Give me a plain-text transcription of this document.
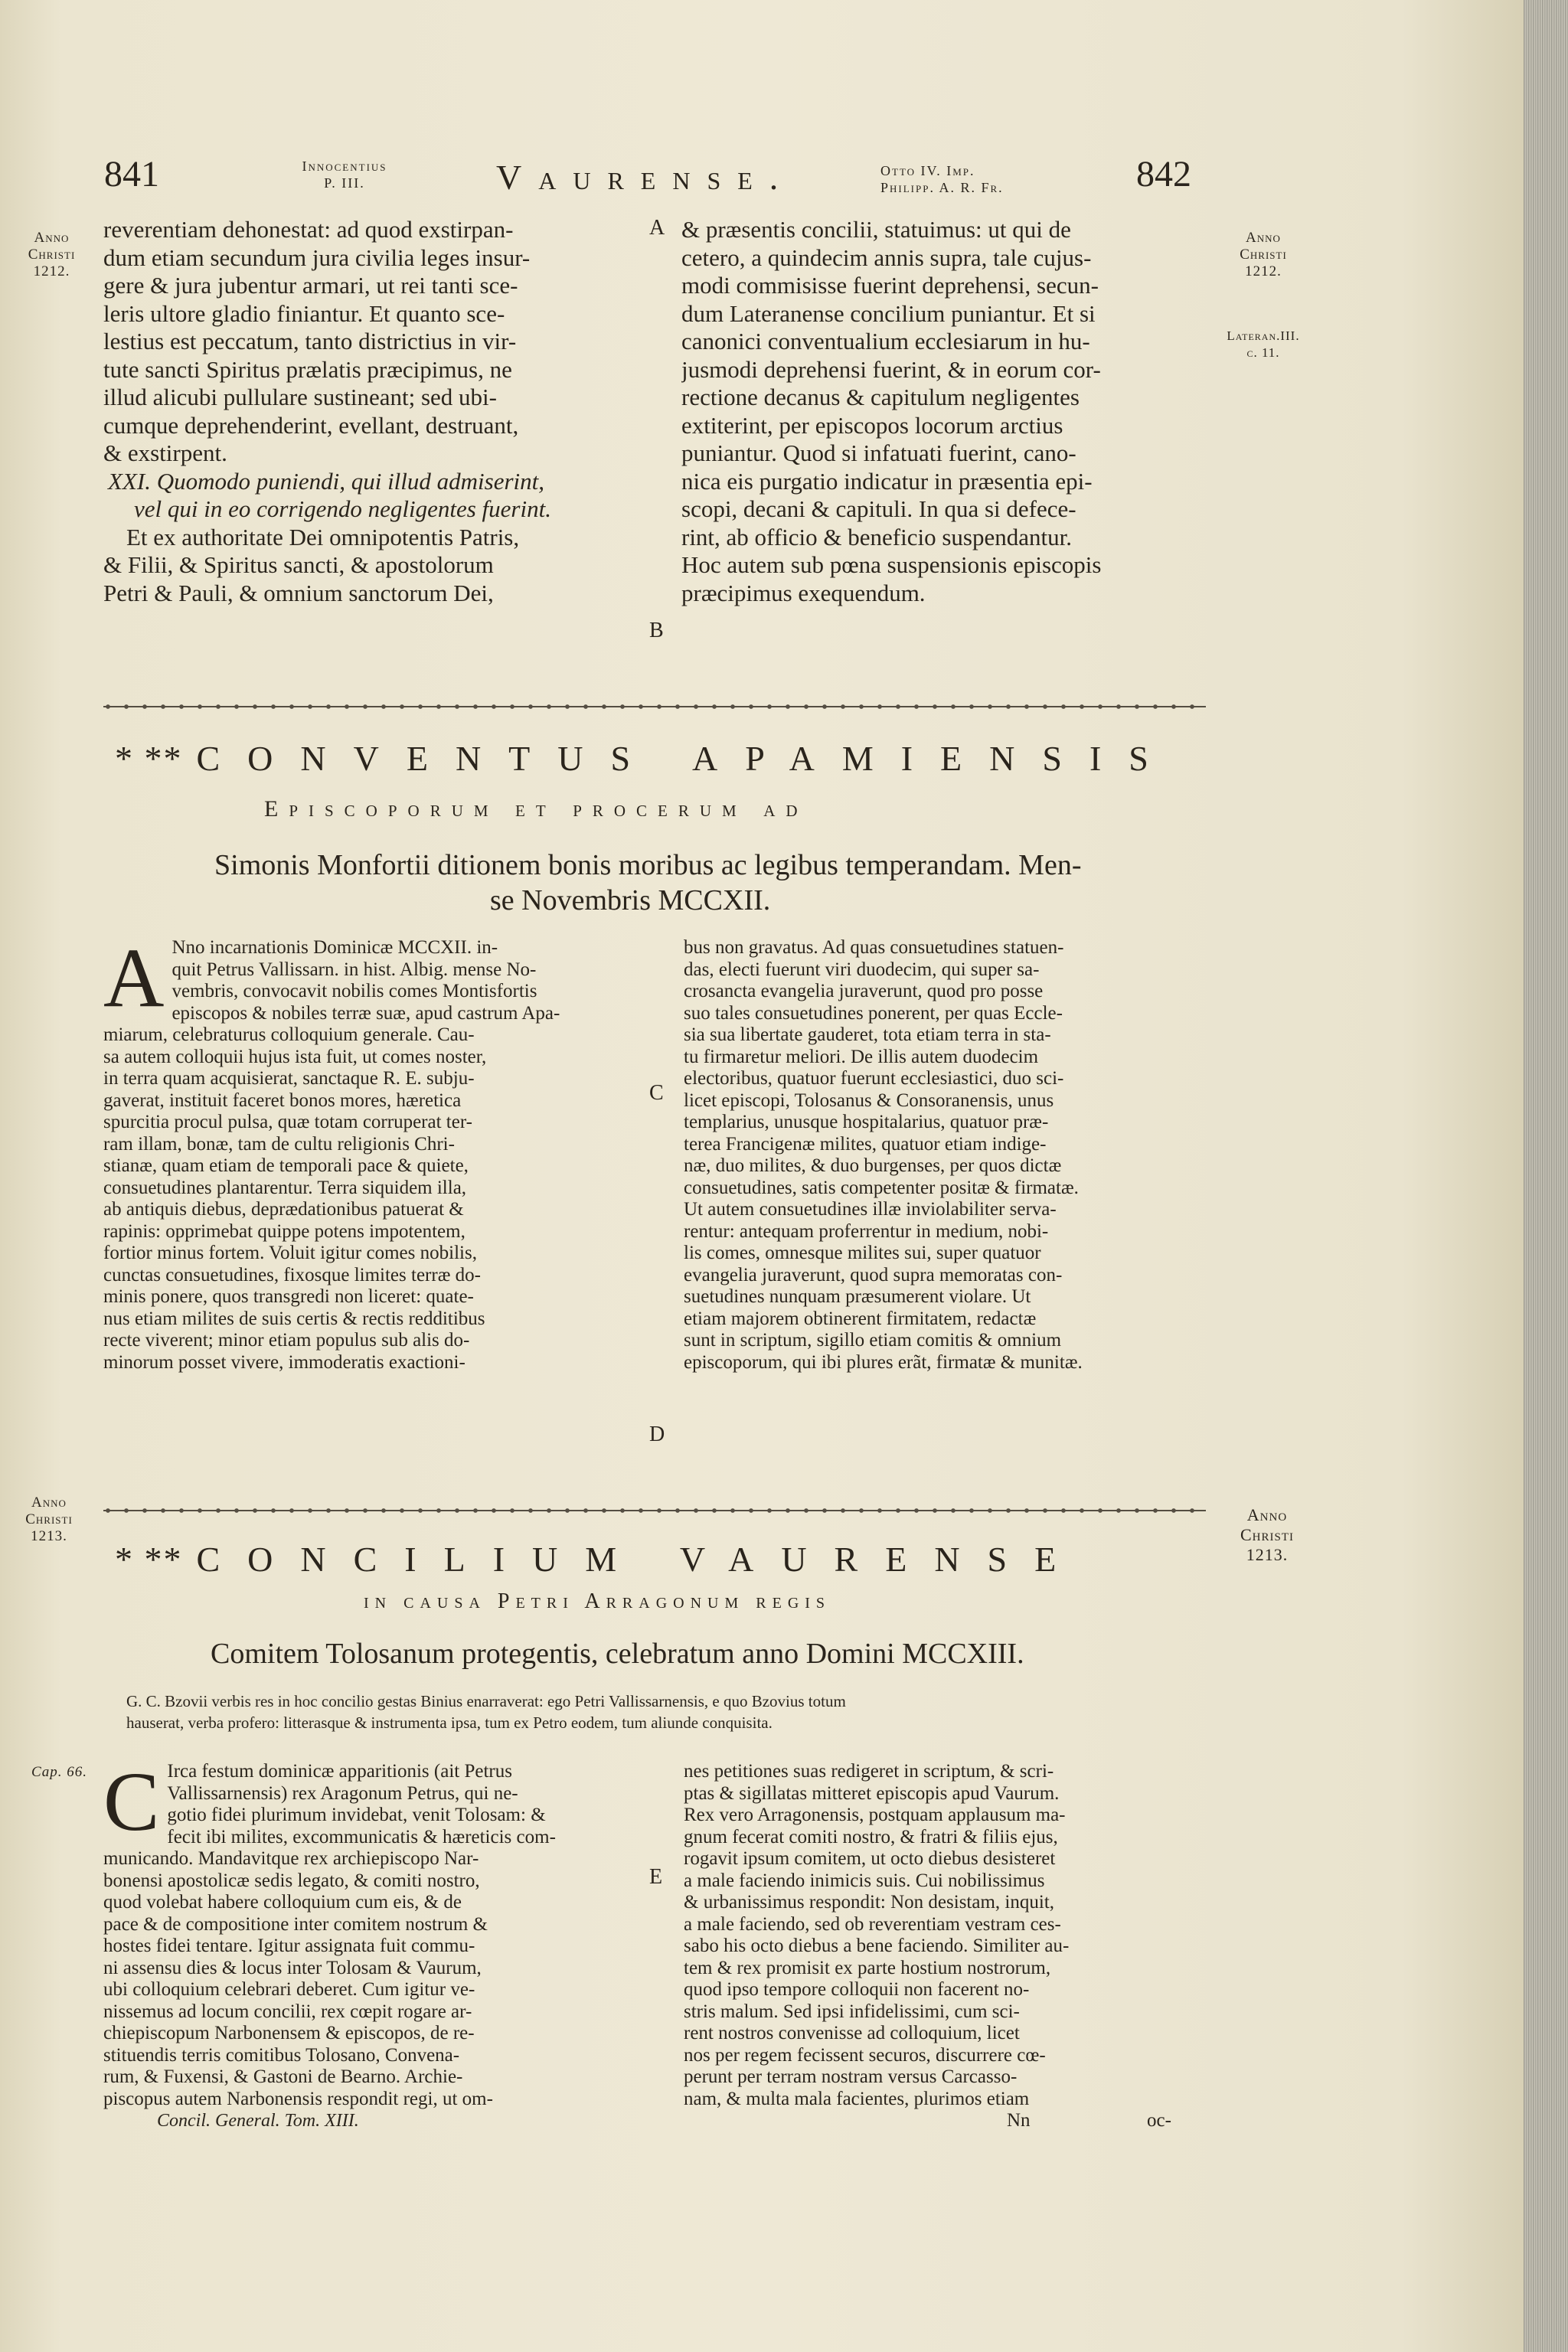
841	Innocentius
P. III.	Vaurense.	Otto IV. Imp.
Philipp. A. R. Fr.	842
Anno
Christi
1212.
Anno
Christi
1212.
Lateran.III.
c. 11.
A
B
C
D
E
reverentiam dehonestat: ad quod exstirpan-
dum etiam secundum jura civilia leges insur-
gere & jura jubentur armari, ut rei tanti sce-
leris ultore gladio finiantur. Et quanto sce-
lestius est peccatum, tanto districtius in vir-
tute sancti Spiritus prælatis præcipimus, ne
illud alicubi pullulare sustineant; sed ubi-
cumque deprehenderint, evellant, destruant,
& exstirpent.
XXI. Quomodo puniendi, qui illud admiserint,
vel qui in eo corrigendo negligentes fuerint.
Et ex authoritate Dei omnipotentis Patris,
& Filii, & Spiritus sancti, & apostolorum
Petri & Pauli, & omnium sanctorum Dei,
& præsentis concilii, statuimus: ut qui de
cetero, a quindecim annis supra, tale cujus-
modi commisisse fuerint deprehensi, secun-
dum Lateranense concilium puniantur. Et si
canonici conventualium ecclesiarum in hu-
jusmodi deprehensi fuerint, & in eorum cor-
rectione decanus & capitulum negligentes
extiterint, per episcopos locorum arctius
puniantur. Quod si infatuati fuerint, cano-
nica eis purgatio indicatur in præsentia epi-
scopi, decani & capituli. In qua si defece-
rint, ab officio & beneficio suspendantur.
Hoc autem sub pœna suspensionis episcopis
præcipimus exequendum.
* ** CONVENTUS APAMIENSIS
Episcoporum et procerum ad
Simonis Monfortii ditionem bonis moribus ac legibus temperandam. Men-
se Novembris MCCXII.
A Nno incarnationis Dominicæ MCCXII. in-
quit Petrus Vallissarn. in hist. Albig. mense No-
vembris, convocavit nobilis comes Montisfortis
episcopos & nobiles terræ suæ, apud castrum Apa-
miarum, celebraturus colloquium generale. Cau-
sa autem colloquii hujus ista fuit, ut comes noster,
in terra quam acquisierat, sanctaque R. E. subju-
gaverat, instituit faceret bonos mores, hæretica
spurcitia procul pulsa, quæ totam corruperat ter-
ram illam, bonæ, tam de cultu religionis Chri-
stianæ, quam etiam de temporali pace & quiete,
consuetudines plantarentur. Terra siquidem illa,
ab antiquis diebus, deprædationibus patuerat &
rapinis: opprimebat quippe potens impotentem,
fortior minus fortem. Voluit igitur comes nobilis,
cunctas consuetudines, fixosque limites terræ do-
minis ponere, quos transgredi non liceret: quate-
nus etiam milites de suis certis & rectis redditibus
recte viverent; minor etiam populus sub alis do-
minorum posset vivere, immoderatis exactioni-
bus non gravatus. Ad quas consuetudines statuen-
das, electi fuerunt viri duodecim, qui super sa-
crosancta evangelia juraverunt, quod pro posse
suo tales consuetudines ponerent, per quas Eccle-
sia sua libertate gauderet, tota etiam terra in sta-
tu firmaretur meliori. De illis autem duodecim
electoribus, quatuor fuerunt ecclesiastici, duo sci-
licet episcopi, Tolosanus & Consoranensis, unus
templarius, unusque hospitalarius, quatuor præ-
terea Francigenæ milites, quatuor etiam indige-
næ, duo milites, & duo burgenses, per quos dictæ
consuetudines, satis competenter positæ & firmatæ.
Ut autem consuetudines illæ inviolabiliter serva-
rentur: antequam proferrentur in medium, nobi-
lis comes, omnesque milites sui, super quatuor
evangelia juraverunt, quod supra memoratas con-
suetudines nunquam præsumerent violare. Ut
etiam majorem obtinerent firmitatem, redactæ
sunt in scriptum, sigillo etiam comitis & omnium
episcoporum, qui ibi plures erãt, firmatæ & munitæ.
Anno
Christi
1213.
Anno
Christi
1213.
* ** CONCILIUM VAURENSE
in causa Petri Arragonum regis
Comitem Tolosanum protegentis, celebratum anno Domini MCCXIII.
G. C. Bzovii verbis res in hoc concilio gestas Binius enarraverat: ego Petri Vallissarnensis, e quo Bzovius totum
hauserat, verba profero: litterasque & instrumenta ipsa, tum ex Petro eodem, tum aliunde conquisita.
Cap. 66. C Irca festum dominicæ apparitionis (ait Petrus
Vallissarnensis) rex Aragonum Petrus, qui ne-
gotio fidei plurimum invidebat, venit Tolosam: &
fecit ibi milites, excommunicatis & hæreticis com-
municando. Mandavitque rex archiepiscopo Nar-
bonensi apostolicæ sedis legato, & comiti nostro,
quod volebat habere colloquium cum eis, & de
pace & de compositione inter comitem nostrum &
hostes fidei tentare. Igitur assignata fuit commu-
ni assensu dies & locus inter Tolosam & Vaurum,
ubi colloquium celebrari deberet. Cum igitur ve-
nissemus ad locum concilii, rex cœpit rogare ar-
chiepiscopum Narbonensem & episcopos, de re-
stituendis terris comitibus Tolosano, Convena-
rum, & Fuxensi, & Gastoni de Bearno. Archie-
piscopus autem Narbonensis respondit regi, ut om-
Concil. General. Tom. XIII.
nes petitiones suas redigeret in scriptum, & scri-
ptas & sigillatas mitteret episcopis apud Vaurum.
Rex vero Arragonensis, postquam applausum ma-
gnum fecerat comiti nostro, & fratri & filiis ejus,
rogavit ipsum comitem, ut octo diebus desisteret
a male faciendo inimicis suis. Cui nobilissimus
& urbanissimus respondit: Non desistam, inquit,
a male faciendo, sed ob reverentiam vestram ces-
sabo his octo diebus a bene faciendo. Similiter au-
tem & rex promisit ex parte hostium nostrorum,
quod ipso tempore colloquii non facerent no-
stris malum. Sed ipsi infidelissimi, cum sci-
rent nostros convenisse ad colloquium, licet
nos per regem fecissent securos, discurrere cœ-
perunt per terram nostram versus Carcasso-
nam, & multa mala facientes, plurimos etiam
Nn	oc-
